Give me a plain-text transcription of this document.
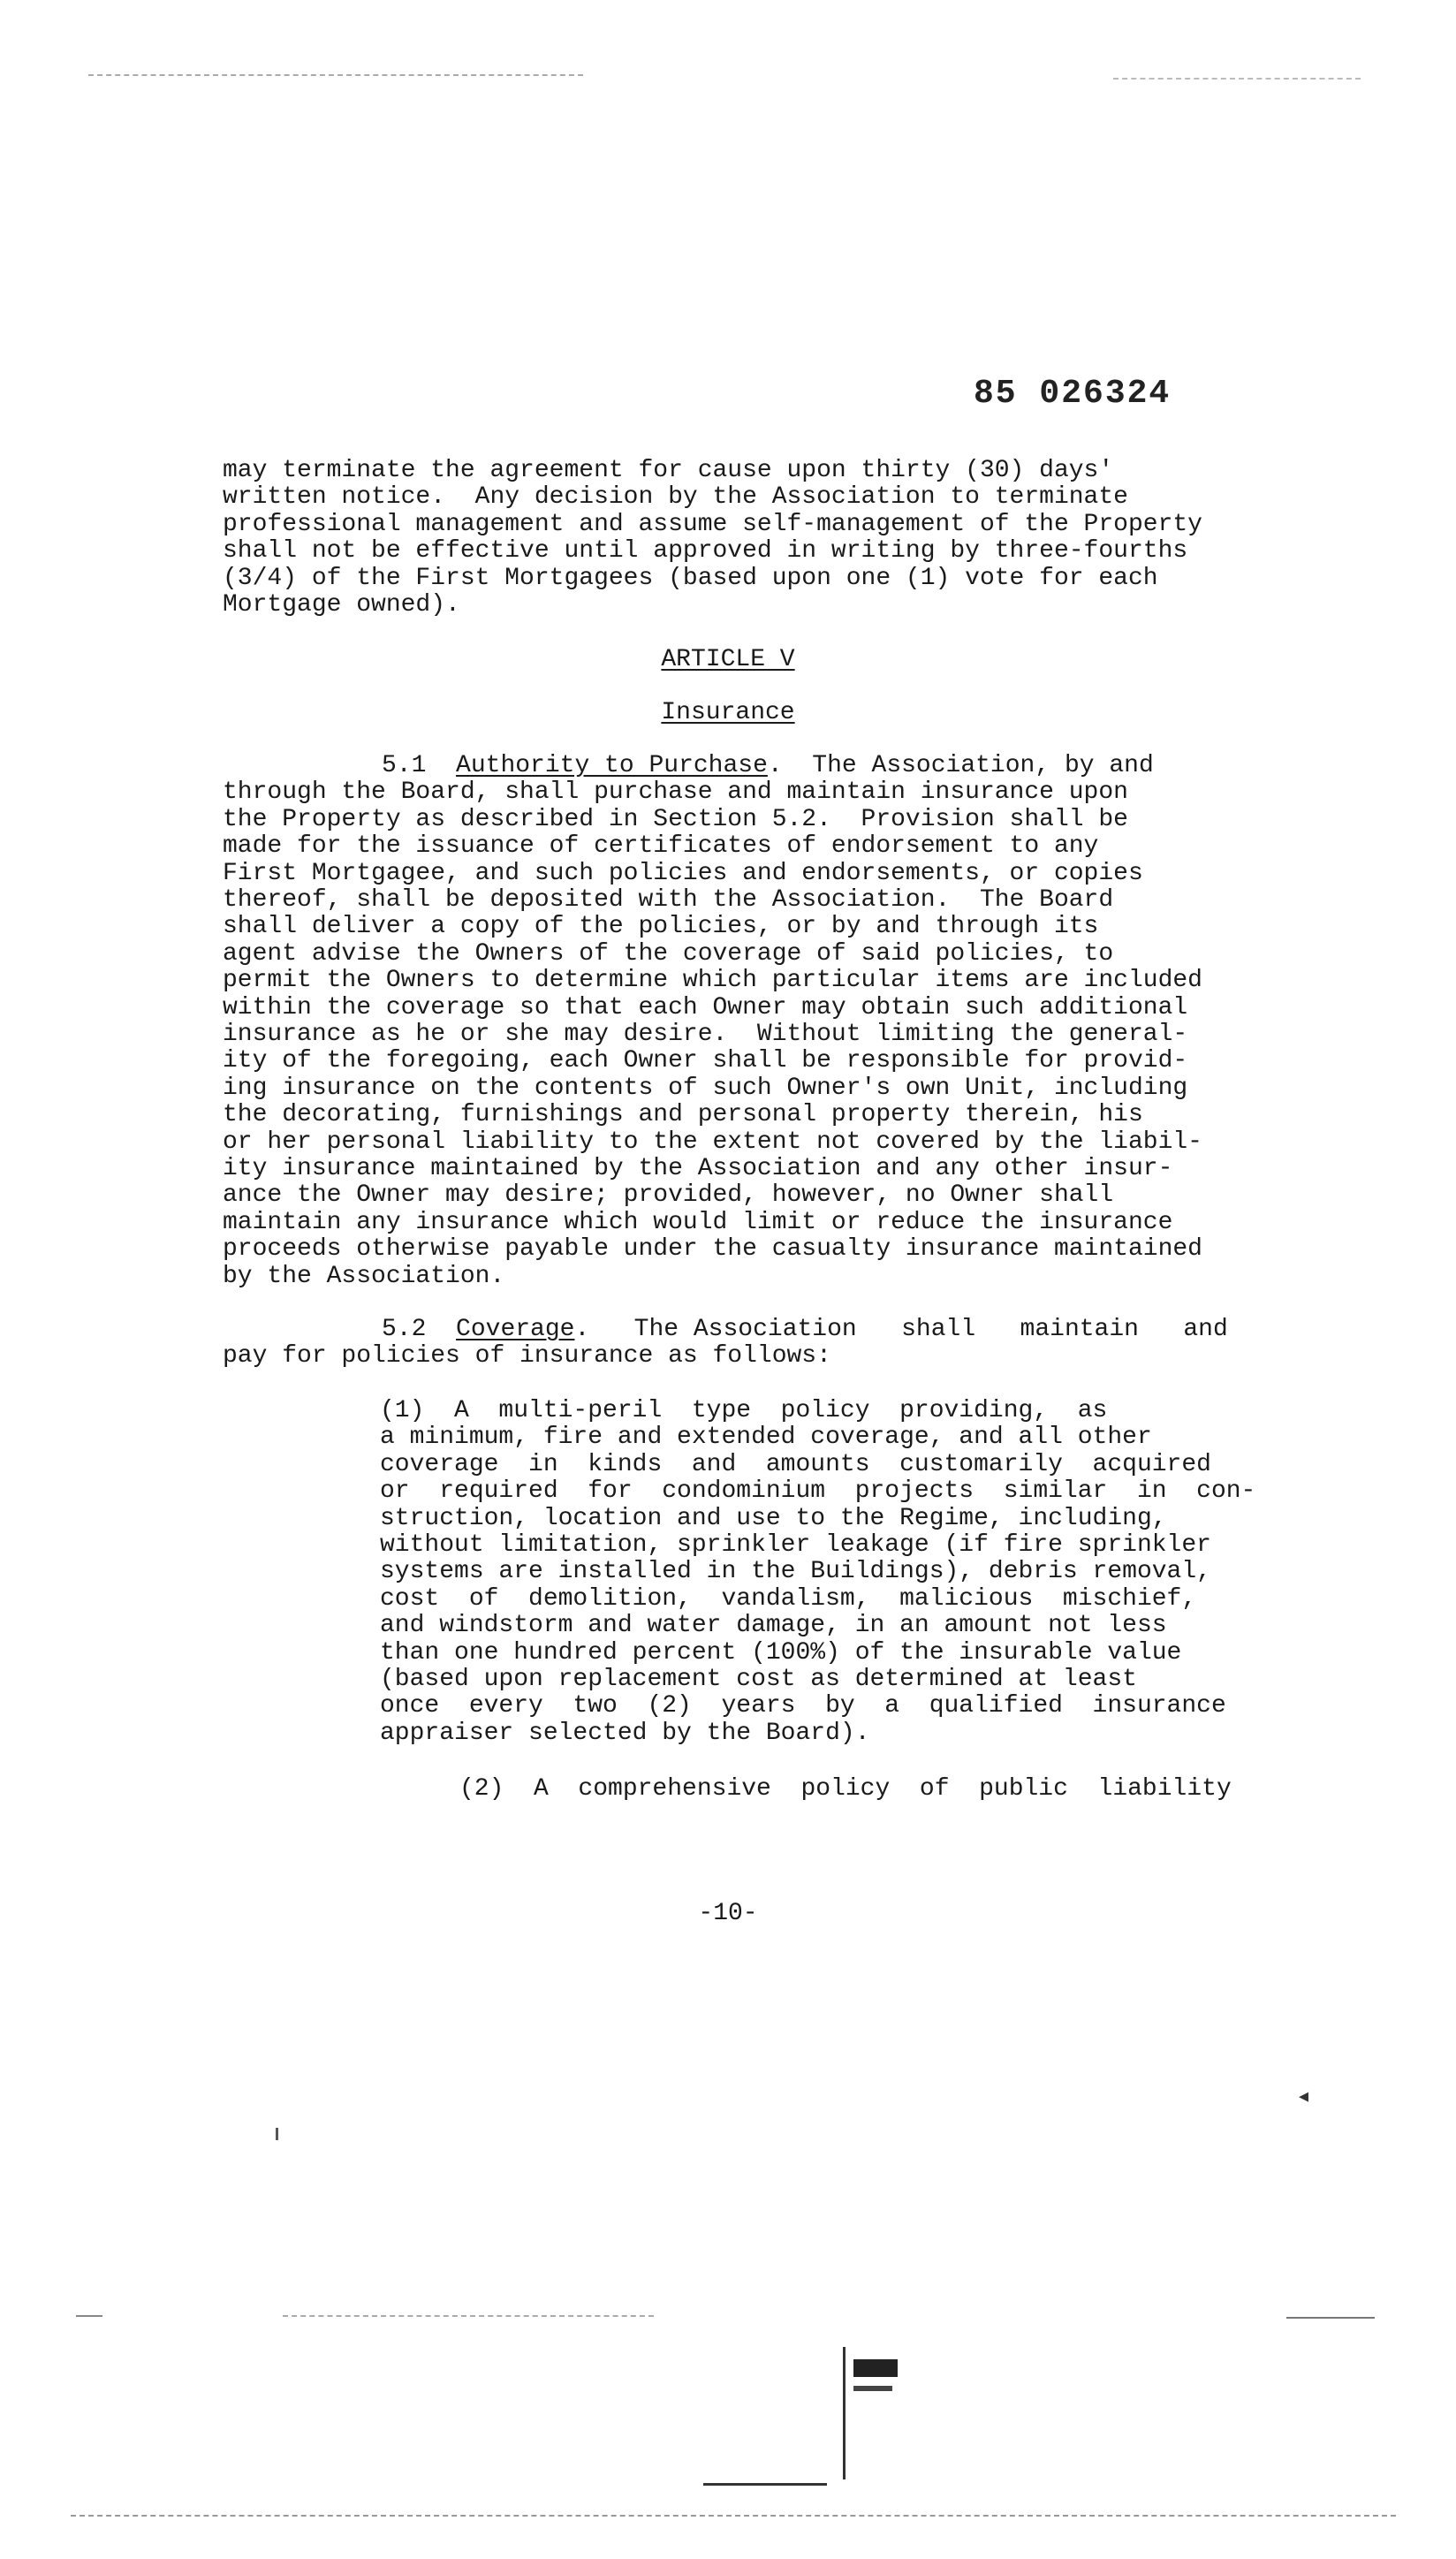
85 026324
may terminate the agreement for cause upon thirty (30) days'
written notice.  Any decision by the Association to terminate
professional management and assume self-management of the Property
shall not be effective until approved in writing by three-fourths
(3/4) of the First Mortgagees (based upon one (1) vote for each
Mortgage owned).
ARTICLE V
Insurance
5.1 Authority to Purchase.  The Association, by and
through the Board, shall purchase and maintain insurance upon
the Property as described in Section 5.2.  Provision shall be
made for the issuance of certificates of endorsement to any
First Mortgagee, and such policies and endorsements, or copies
thereof, shall be deposited with the Association.  The Board
shall deliver a copy of the policies, or by and through its
agent advise the Owners of the coverage of said policies, to
permit the Owners to determine which particular items are included
within the coverage so that each Owner may obtain such additional
insurance as he or she may desire.  Without limiting the general-
ity of the foregoing, each Owner shall be responsible for provid-
ing insurance on the contents of such Owner's own Unit, including
the decorating, furnishings and personal property therein, his
or her personal liability to the extent not covered by the liabil-
ity insurance maintained by the Association and any other insur-
ance the Owner may desire; provided, however, no Owner shall
maintain any insurance which would limit or reduce the insurance
proceeds otherwise payable under the casualty insurance maintained
by the Association.
5.2 Coverage.   The Association   shall   maintain   and
pay for policies of insurance as follows:
(1)  A  multi-peril  type  policy  providing,  as
a minimum, fire and extended coverage, and all other
coverage  in  kinds  and  amounts  customarily  acquired
or  required  for  condominium  projects  similar  in  con-
struction, location and use to the Regime, including,
without limitation, sprinkler leakage (if fire sprinkler
systems are installed in the Buildings), debris removal,
cost  of  demolition,  vandalism,  malicious  mischief,
and windstorm and water damage, in an amount not less
than one hundred percent (100%) of the insurable value
(based upon replacement cost as determined at least
once  every  two  (2)  years  by  a  qualified  insurance
appraiser selected by the Board).
(2)  A  comprehensive  policy  of  public  liability
-10-
◂
